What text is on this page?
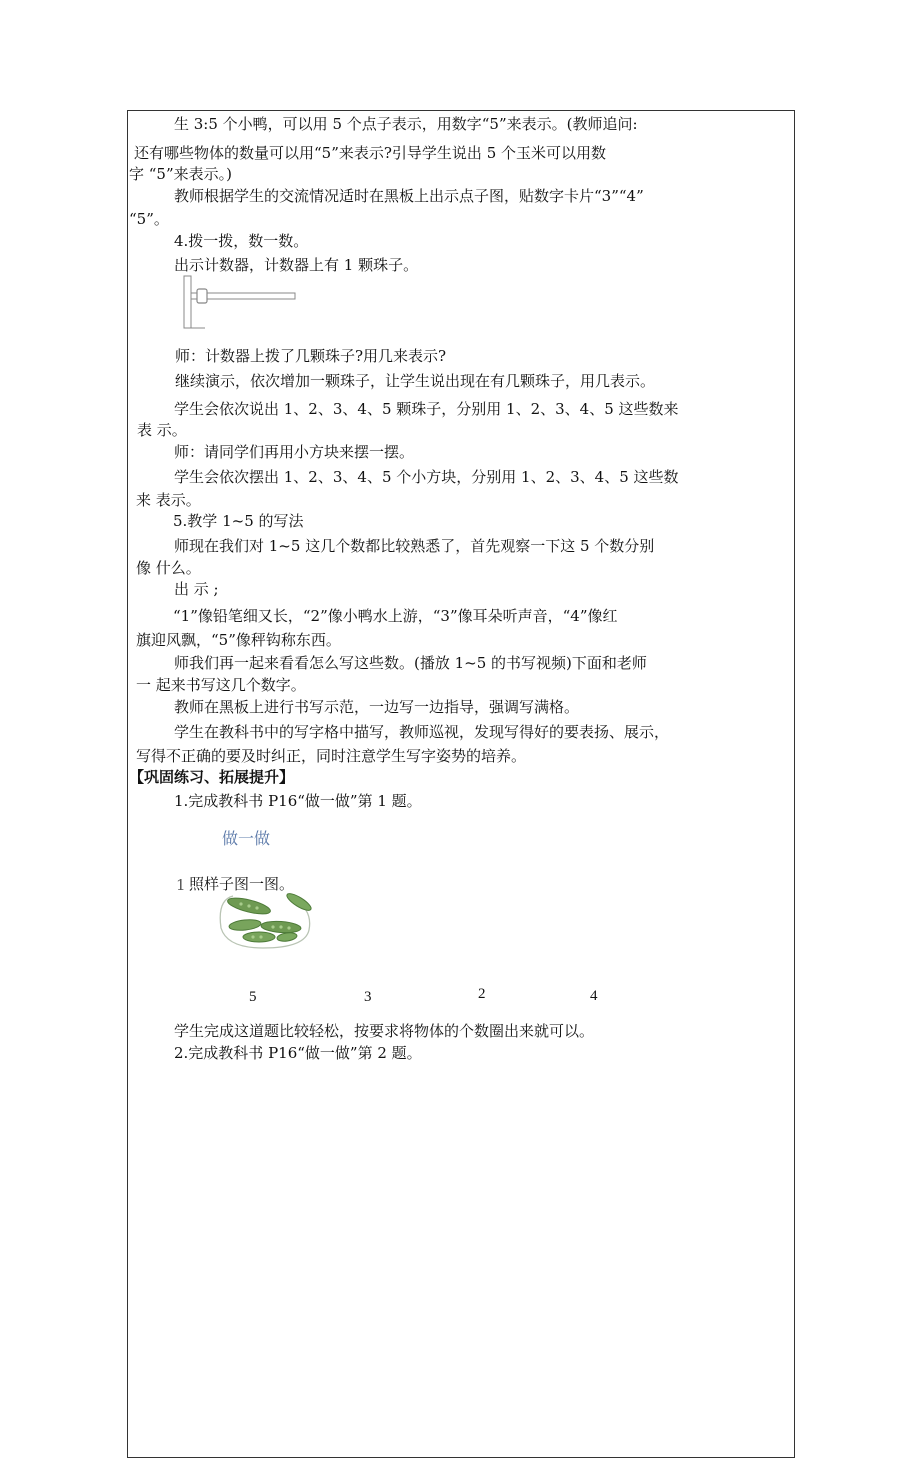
生 3:5 个小鸭，可以用 5 个点子表示，用数字“5”来表示。(教师追问:
还有哪些物体的数量可以用“5”来表示?引导学生说出 5 个玉米可以用数
字 “5”来表示。)
教师根据学生的交流情况适时在黑板上出示点子图，贴数字卡片“3”“4”
“5”。
4.拨一拨，数一数。
出示计数器，计数器上有 1 颗珠子。
师：计数器上拨了几颗珠子?用几来表示?
继续演示，依次增加一颗珠子，让学生说出现在有几颗珠子，用几表示。
学生会依次说出 1、2、3、4、5 颗珠子，分别用 1、2、3、4、5 这些数来
表 示。
师：请同学们再用小方块来摆一摆。
学生会依次摆出 1、2、3、4、5 个小方块，分别用 1、2、3、4、5 这些数
来 表示。
5.教学 1~5 的写法
师现在我们对 1~5 这几个数都比较熟悉了，首先观察一下这 5 个数分别
像 什么。
出 示 ;
“1”像铅笔细又长，“2”像小鸭水上游，“3”像耳朵听声音，“4”像红
旗迎风飘，“5”像秤钩称东西。
师我们再一起来看看怎么写这些数。(播放 1~5 的书写视频)下面和老师
一 起来书写这几个数字。
教师在黑板上进行书写示范，一边写一边指导，强调写满格。
学生在教科书中的写字格中描写，教师巡视，发现写得好的要表扬、展示，
写得不正确的要及时纠正，同时注意学生写字姿势的培养。
【巩固练习、拓展提升】
1.完成教科书 P16“做一做”第 1 题。
做一做
1 照样子图一图。
5	3	2	4
学生完成这道题比较轻松，按要求将物体的个数圈出来就可以。
2.完成教科书 P16“做一做”第 2 题。
